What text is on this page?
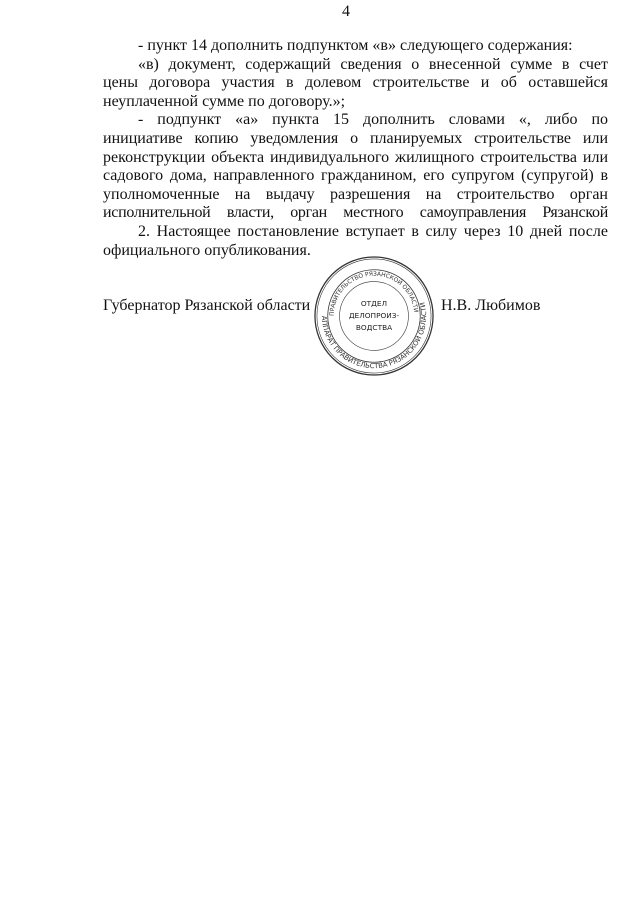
4
- пункт 14 дополнить подпунктом «в» следующего содержания:
«в) документ, содержащий сведения о внесенной сумме в счет
цены договора участия в долевом строительстве и об оставшейся
неуплаченной сумме по договору.»;
- подпункт «а» пункта 15 дополнить словами «, либо по
инициативе копию уведомления о планируемых строительстве или
реконструкции объекта индивидуального жилищного строительства или
садового дома, направленного гражданином, его супругом (супругой) в
уполномоченные на выдачу разрешения на строительство орган
исполнительной власти, орган местного самоуправления Рязанской
2. Настоящее постановление вступает в силу через 10 дней после
официального опубликования.
Губернатор Рязанской области	Н.В. Любимов
АППАРАТ ПРАВИТЕЛЬСТВА РЯЗАНСКОЙ ОБЛАСТИ
ПРАВИТЕЛЬСТВО РЯЗАНСКОЙ ОБЛАСТИ
ОТДЕЛ
ДЕЛОПРОИЗ-
ВОДСТВА
